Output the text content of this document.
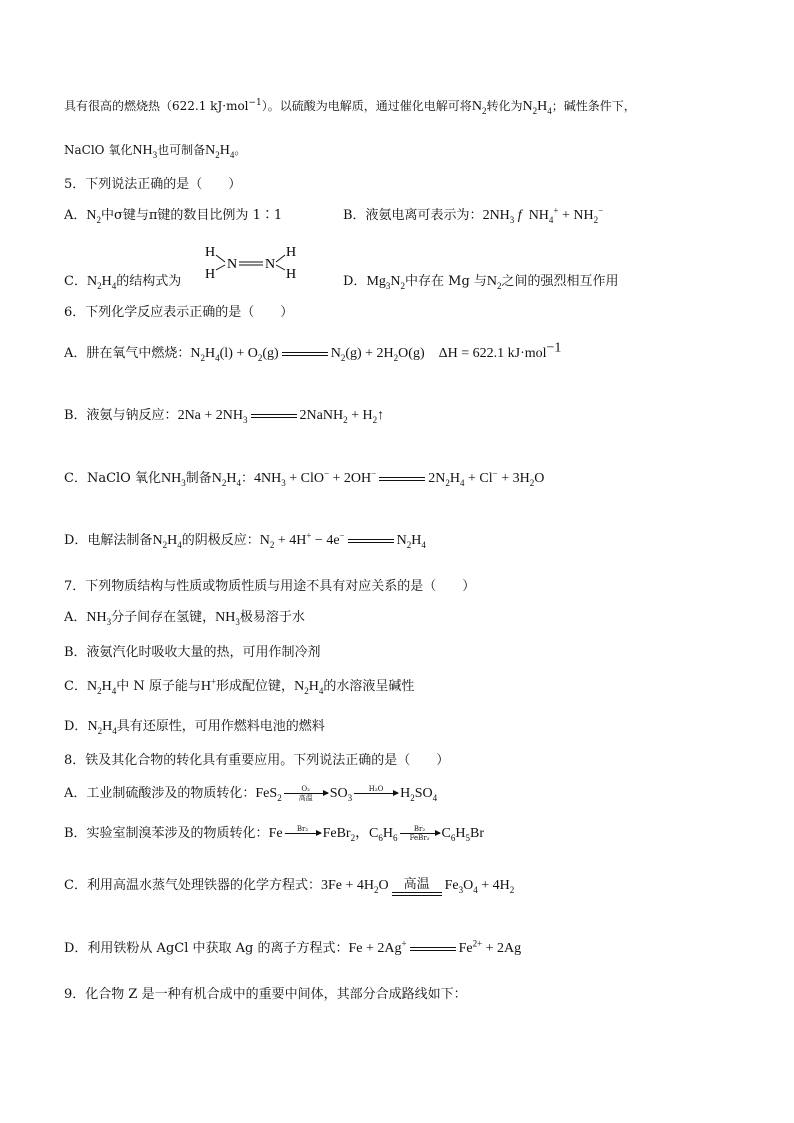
具有很高的燃烧热（622.1 kJ·mol$^{-1}$）。以硫酸为电解质，通过催化电解可将$N_2$转化为$N_2H_4$；碱性条件下，
NaClO 氧化$NH_3$也可制备$N_2H_4$。
5．下列说法正确的是（　　）
A．$N_2$中σ键与π键的数目比例为 1∶1	B．液氨电离可表示为：$2NH_3$ f  $NH_4^+ + NH_2^-$
H
H
N N
H
H
C．$N_2H_4$的结构式为	D．$Mg_3N_2$中存在 Mg 与$N_2$之间的强烈相互作用
6．下列化学反应表示正确的是（　　）
A．肼在氧气中燃烧：$N_2H_4(l) + O_2(g)$	$N_2(g) + 2H_2O(g)$    ΔH = 622.1 kJ·mol$^{-1}$
B．液氨与钠反应：$2Na + 2NH_3$	2NaNH$_2$ + $H_2↑$
C．NaClO 氧化$NH_3$制备$N_2H_4$：$4NH_3 + ClO^- + 2OH^-$	$2N_2H_4 + Cl^- + 3H_2O$
D．电解法制备$N_2H_4$的阴极反应：$N_2 + 4H^+ - 4e^-$	$N_2H_4$
7．下列物质结构与性质或物质性质与用途不具有对应关系的是（　　）
A．$NH_3$分子间存在氢键，$NH_3$极易溶于水
B．液氨汽化时吸收大量的热，可用作制冷剂
C．$N_2H_4$中 N 原子能与H+形成配位键，$N_2H_4$的水溶液呈碱性
D．$N_2H_4$具有还原性，可用作燃料电池的燃料
8．铁及其化合物的转化具有重要应用。下列说法正确的是（　　）
A．工业制硫酸涉及的物质转化：FeS$_2$
O₂
高温	$SO_3$
H₂O
	$H_2SO_4$
B．实验室制溴苯涉及的物质转化：Fe	Br₂
	FeBr$_2$，$C_6H_6$
Br₂
FeBr₃ $C_6H_5Br$
C．利用高温水蒸气处理铁器的化学方程式：$3Fe + 4H_2O$	高温	$Fe_3O_4 + 4H_2$
D．利用铁粉从 AgCl 中获取 Ag 的离子方程式：Fe + 2Ag+	$Fe^{2+} + 2Ag$
9．化合物 Z 是一种有机合成中的重要中间体，其部分合成路线如下：
